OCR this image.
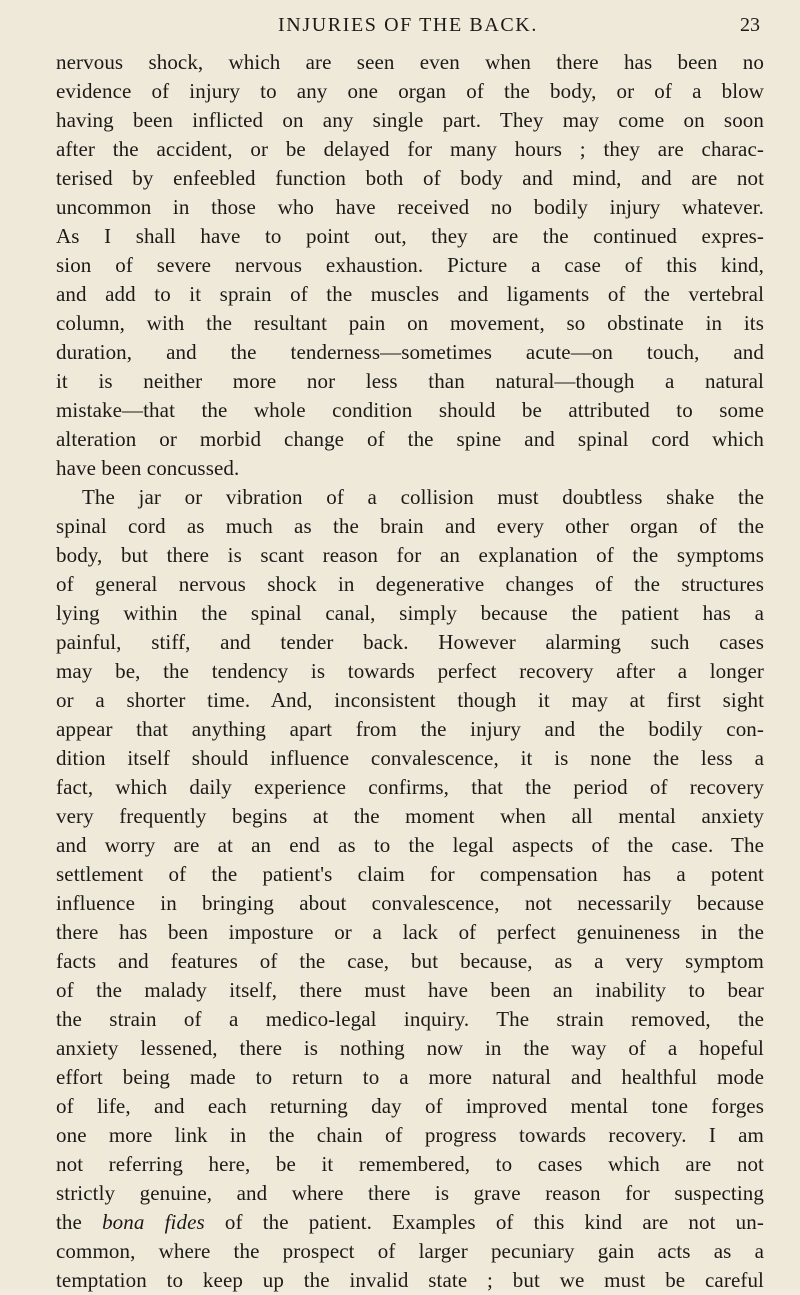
INJURIES OF THE BACK.	23
nervous shock, which are seen even when there has been no
evidence of injury to any one organ of the body, or of a blow
having been inflicted on any single part. They may come on soon
after the accident, or be delayed for many hours ; they are charac-
terised by enfeebled function both of body and mind, and are not
uncommon in those who have received no bodily injury whatever.
As I shall have to point out, they are the continued expres-
sion of severe nervous exhaustion. Picture a case of this kind,
and add to it sprain of the muscles and ligaments of the vertebral
column, with the resultant pain on movement, so obstinate in its
duration, and the tenderness—sometimes acute—on touch, and
it is neither more nor less than natural—though a natural
mistake—that the whole condition should be attributed to some
alteration or morbid change of the spine and spinal cord which
have been concussed.
The jar or vibration of a collision must doubtless shake the
spinal cord as much as the brain and every other organ of the
body, but there is scant reason for an explanation of the symptoms
of general nervous shock in degenerative changes of the structures
lying within the spinal canal, simply because the patient has a
painful, stiff, and tender back. However alarming such cases
may be, the tendency is towards perfect recovery after a longer
or a shorter time. And, inconsistent though it may at first sight
appear that anything apart from the injury and the bodily con-
dition itself should influence convalescence, it is none the less a
fact, which daily experience confirms, that the period of recovery
very frequently begins at the moment when all mental anxiety
and worry are at an end as to the legal aspects of the case. The
settlement of the patient's claim for compensation has a potent
influence in bringing about convalescence, not necessarily because
there has been imposture or a lack of perfect genuineness in the
facts and features of the case, but because, as a very symptom
of the malady itself, there must have been an inability to bear
the strain of a medico-legal inquiry. The strain removed, the
anxiety lessened, there is nothing now in the way of a hopeful
effort being made to return to a more natural and healthful mode
of life, and each returning day of improved mental tone forges
one more link in the chain of progress towards recovery. I am
not referring here, be it remembered, to cases which are not
strictly genuine, and where there is grave reason for suspecting
the bona fides of the patient. Examples of this kind are not un-
common, where the prospect of larger pecuniary gain acts as a
temptation to keep up the invalid state ; but we must be careful
